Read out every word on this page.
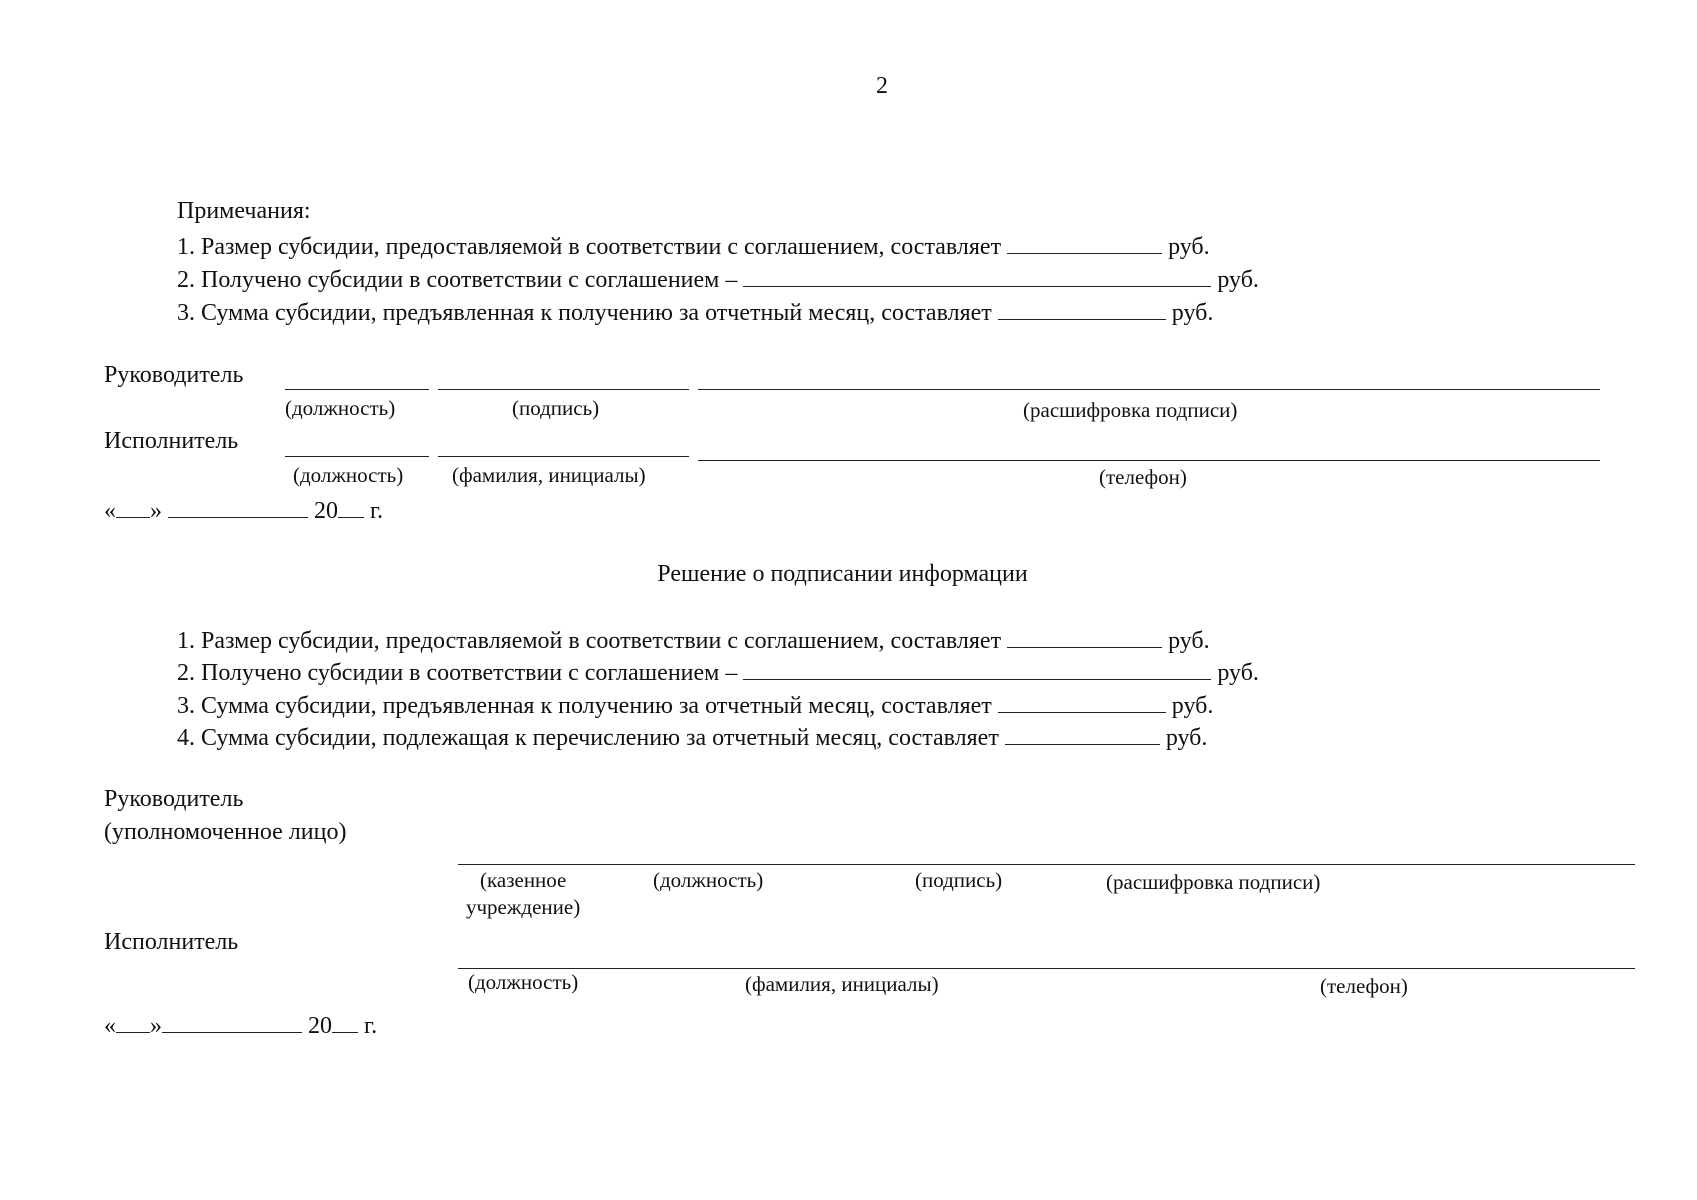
2
Примечания:
1. Размер субсидии, предоставляемой в соответствии с соглашением, составляет	руб.
2. Получено субсидии в соответствии с соглашением –	руб.
3. Сумма субсидии, предъявленная к получению за отчетный месяц, составляет	руб.
Руководитель
(должность)	(подпись)	(расшифровка подписи)
Исполнитель
(должность) (фамилия, инициалы)	(телефон)
« »	20 г.
Решение о подписании информации
1. Размер субсидии, предоставляемой в соответствии с соглашением, составляет	руб.
2. Получено субсидии в соответствии с соглашением –	руб.
3. Сумма субсидии, предъявленная к получению за отчетный месяц, составляет	руб.
4. Сумма субсидии, подлежащая к перечислению за отчетный месяц, составляет	руб.
Руководитель
(уполномоченное лицо)
(казенное
учреждение)
(должность)	(подпись)	(расшифровка подписи)
Исполнитель
(должность)	(фамилия, инициалы)	(телефон)
« »	20 г.
